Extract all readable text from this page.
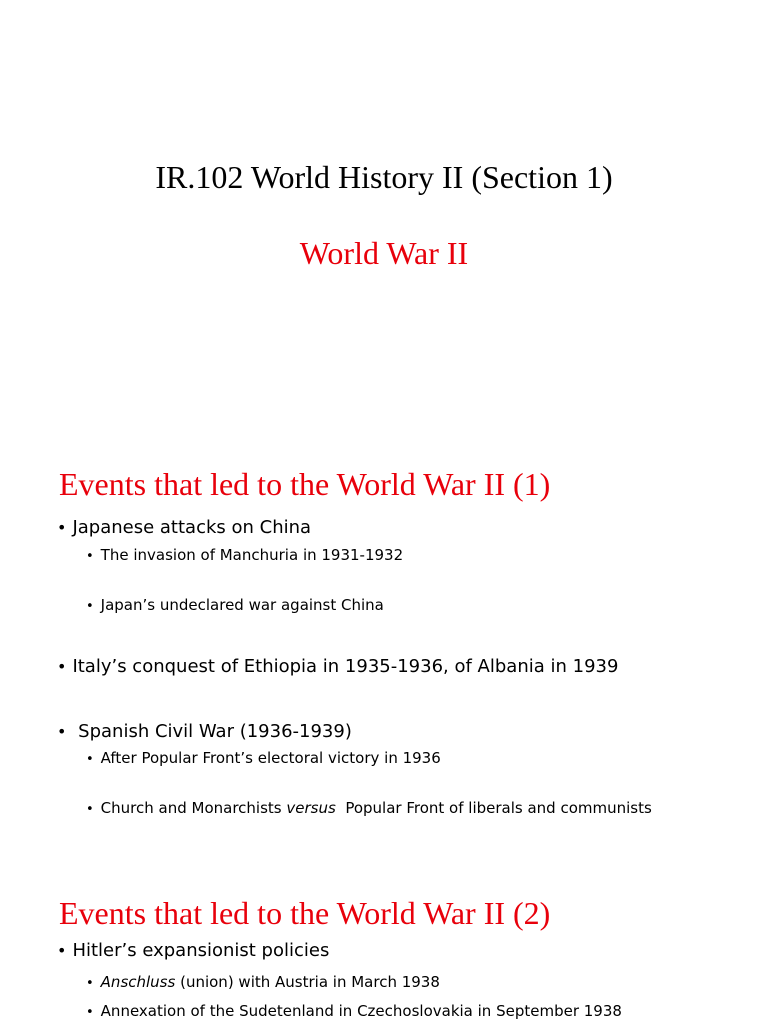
IR.102 World History II (Section 1)
World War II
Events that led to the World War II (1)
• Japanese attacks on China
• The invasion of Manchuria in 1931-1932
• Japan’s undeclared war against China
• Italy’s conquest of Ethiopia in 1935-1936, of Albania in 1939
• Spanish Civil War (1936-1939)
• After Popular Front’s electoral victory in 1936
• Church and Monarchists versus  Popular Front of liberals and communists
Events that led to the World War II (2)
• Hitler’s expansionist policies
• Anschluss (union) with Austria in March 1938
• Annexation of the Sudetenland in Czechoslovakia in September 1938
